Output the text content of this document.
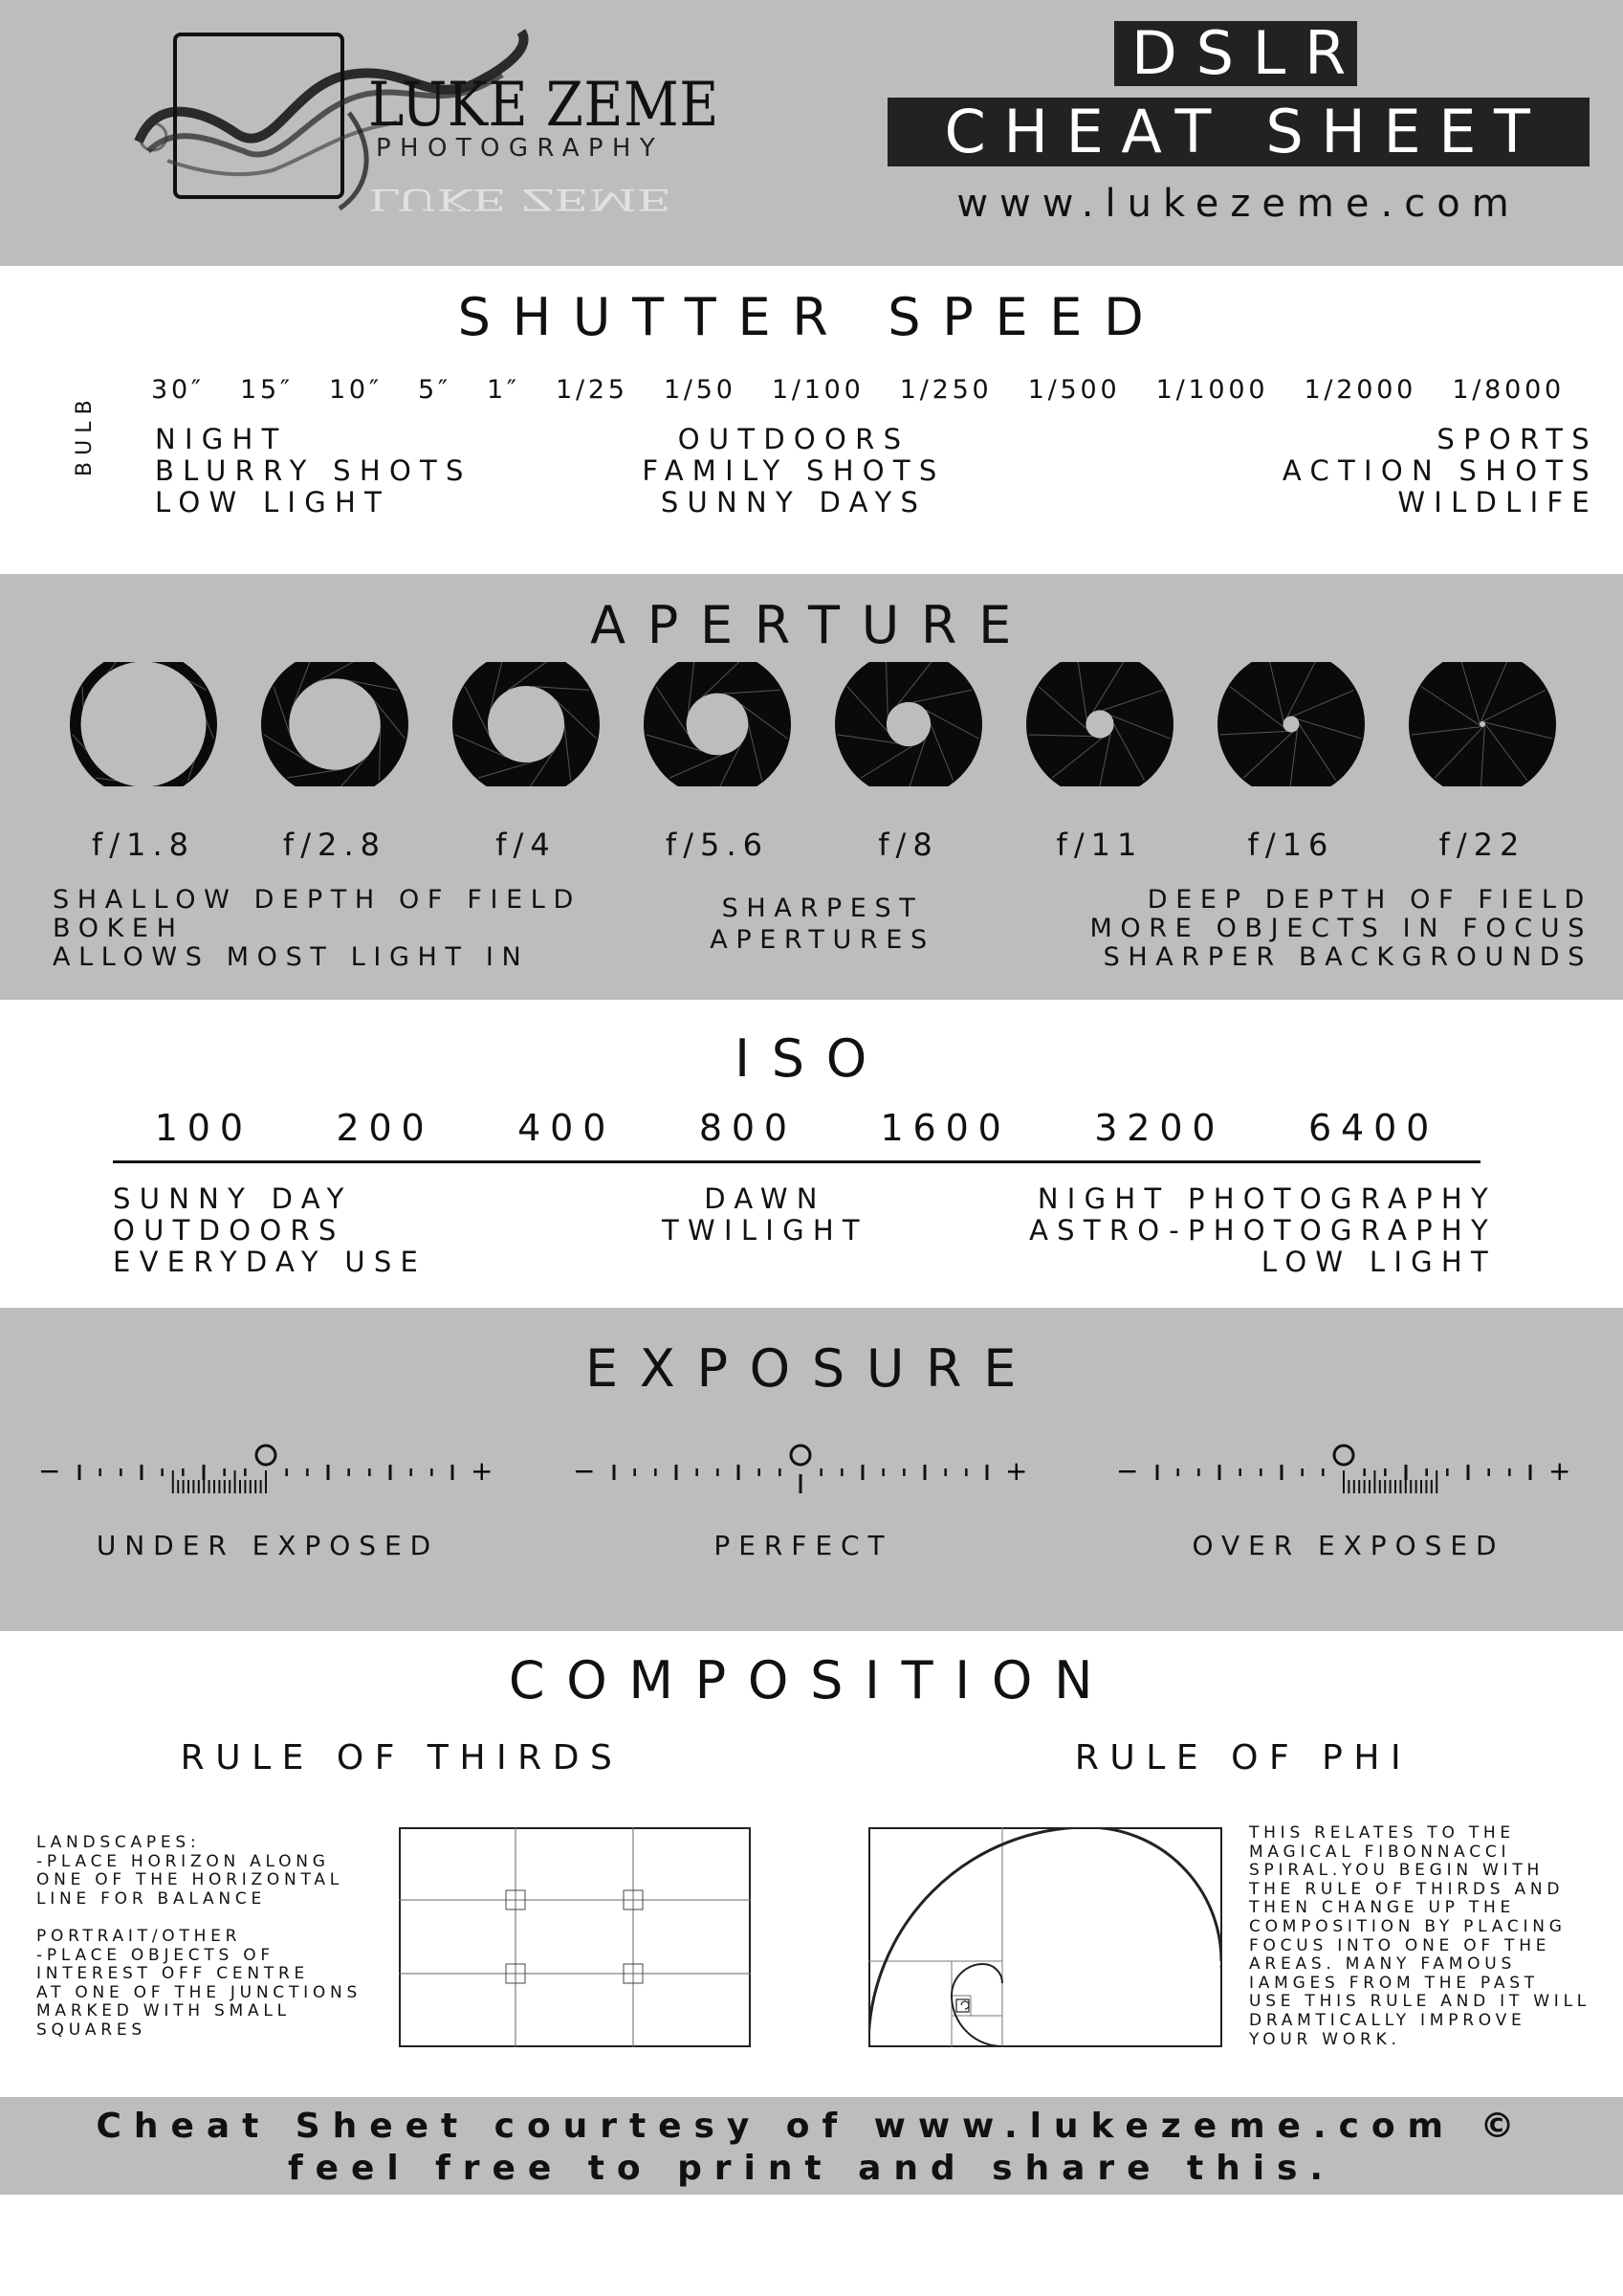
LUKE ZEME
PHOTOGRAPHY
LUKE ZEME
DSLR
CHEAT SHEET
www.lukezeme.com
SHUTTER SPEED
BULB
30″ 15″ 10″ 5″ 1″ 1/25 1/50 1/100 1/250 1/500 1/1000 1/2000 1/8000
NIGHT
BLURRY SHOTS
LOW LIGHT
OUTDOORS
FAMILY SHOTS
SUNNY DAYS
SPORTS
ACTION SHOTS
WILDLIFE
APERTURE
f/1.8	f/2.8	f/4	f/5.6	f/8	f/11	f/16	f/22
SHALLOW DEPTH OF FIELD
BOKEH
ALLOWS MOST LIGHT IN
SHARPEST
APERTURES
DEEP DEPTH OF FIELD
MORE OBJECTS IN FOCUS
SHARPER BACKGROUNDS
ISO
100 200 400 800 1600 3200 6400
SUNNY DAY
OUTDOORS
EVERYDAY USE
DAWN
TWILIGHT
NIGHT PHOTOGRAPHY
ASTRO-PHOTOGRAPHY
LOW LIGHT
EXPOSURE
−	+	−	+	−	+
UNDER EXPOSED	PERFECT	OVER EXPOSED
COMPOSITION
RULE OF THIRDS	RULE OF PHI
LANDSCAPES:
-PLACE HORIZON ALONG
ONE OF THE HORIZONTAL
LINE FOR BALANCE

PORTRAIT/OTHER
-PLACE OBJECTS OF
INTEREST OFF CENTRE
AT ONE OF THE JUNCTIONS
MARKED WITH SMALL
SQUARES
THIS RELATES TO THE
MAGICAL FIBONNACCI
SPIRAL.YOU BEGIN WITH
THE RULE OF THIRDS AND
THEN CHANGE UP THE
COMPOSITION BY PLACING
FOCUS INTO ONE OF THE
AREAS. MANY FAMOUS
IAMGES FROM THE PAST
USE THIS RULE AND IT WILL
DRAMTICALLY IMPROVE
YOUR WORK.
Cheat Sheet courtesy of www.lukezeme.com ©
feel free to print and share this.
